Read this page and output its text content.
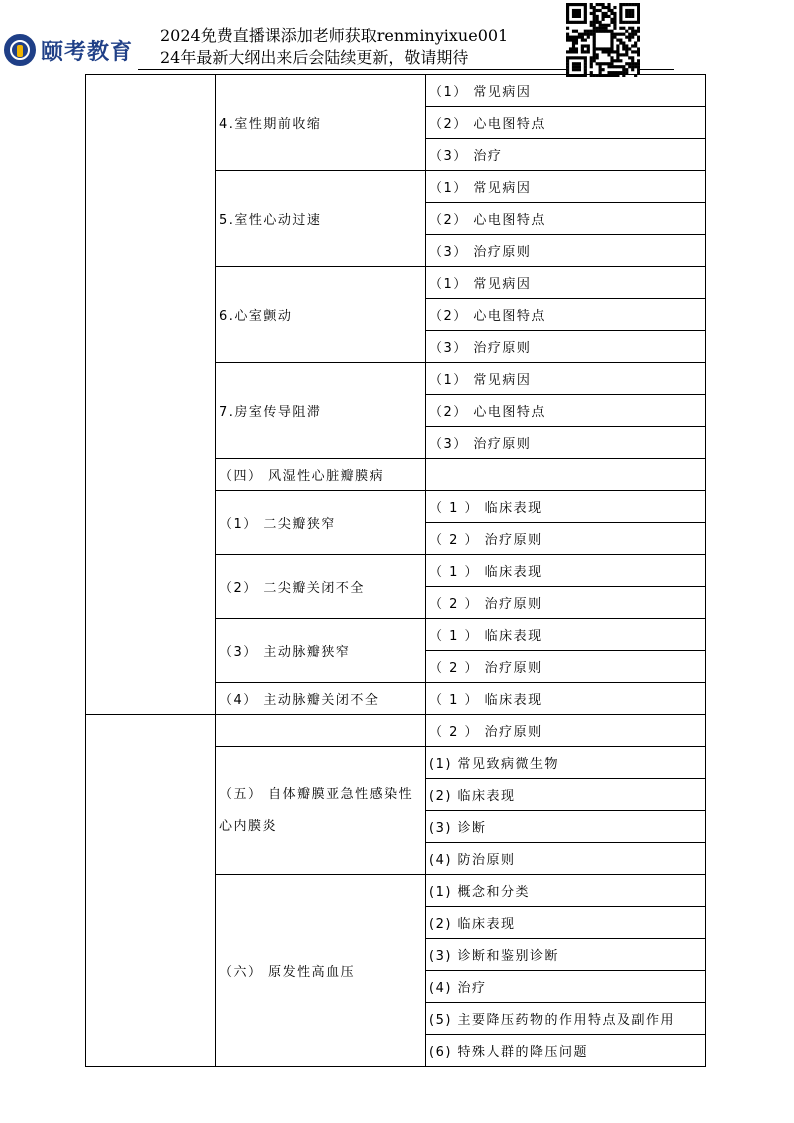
颐考教育
2024免费直播课添加老师获取renminyixue001
24年最新大纲出来后会陆续更新，敬请期待
	4.室性期前收缩	（1） 常见病因
		（2） 心电图特点
		（3） 治疗
	5.室性心动过速	（1） 常见病因
		（2） 心电图特点
		（3） 治疗原则
	6.心室颤动	（1） 常见病因
		（2） 心电图特点
		（3） 治疗原则
	7.房室传导阻滞	（1） 常见病因
		（2） 心电图特点
		（3） 治疗原则
	（四） 风湿性心脏瓣膜病	
	（1） 二尖瓣狭窄	（ 1 ） 临床表现
		（ 2 ） 治疗原则
	（2） 二尖瓣关闭不全	（ 1 ） 临床表现
		（ 2 ） 治疗原则
	（3） 主动脉瓣狭窄	（ 1 ） 临床表现
		（ 2 ） 治疗原则
	（4） 主动脉瓣关闭不全	（ 1 ） 临床表现
		（ 2 ） 治疗原则
	（五） 自体瓣膜亚急性感染性心内膜炎	(1) 常见致病微生物
		(2) 临床表现
		(3) 诊断
		(4) 防治原则
	（六） 原发性高血压	(1) 概念和分类
		(2) 临床表现
		(3) 诊断和鉴别诊断
		(4) 治疗
		(5) 主要降压药物的作用特点及副作用
		(6) 特殊人群的降压问题
